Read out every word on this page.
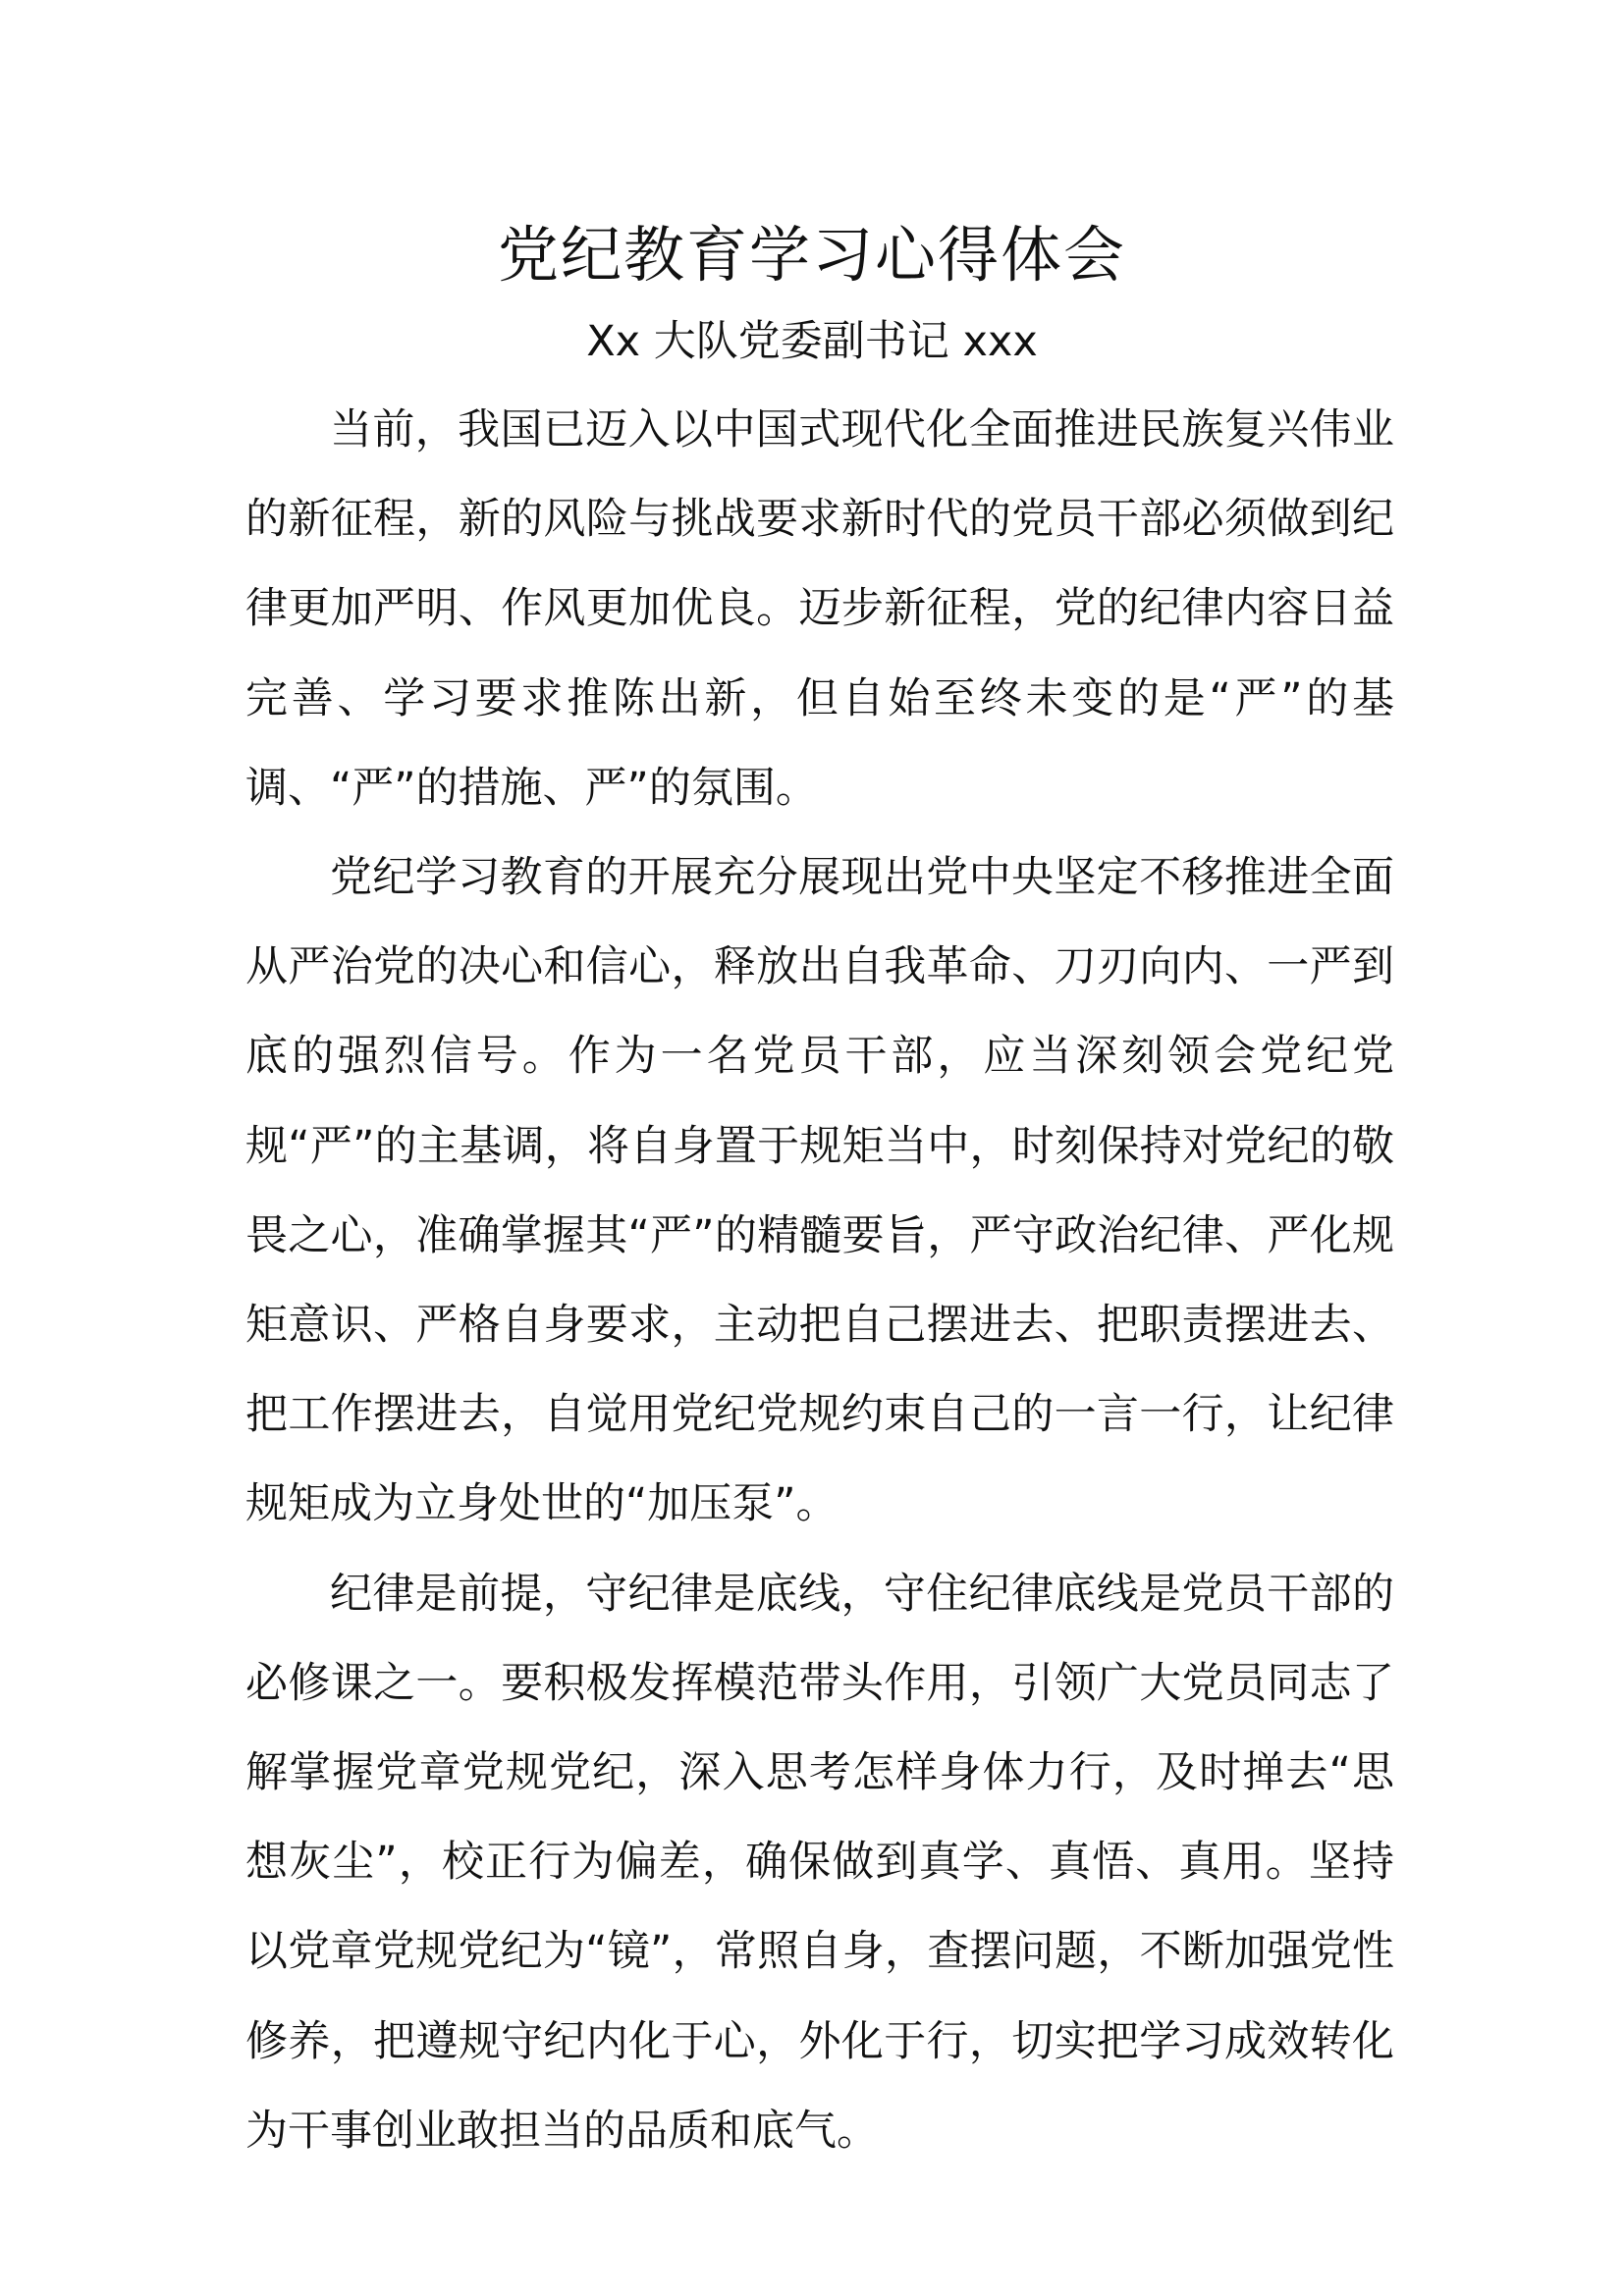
党纪教育学习心得体会
Xx 大队党委副书记 xxx

当前，我国已迈入以中国式现代化全面推进民族复兴伟业的新征程，新的风险与挑战要求新时代的党员干部必须做到纪律更加严明、作风更加优良。迈步新征程，党的纪律内容日益完善、学习要求推陈出新，但自始至终未变的是“严”的基调、“严”的措施、严”的氛围。

党纪学习教育的开展充分展现出党中央坚定不移推进全面从严治党的决心和信心，释放出自我革命、刀刃向内、一严到底的强烈信号。作为一名党员干部，应当深刻领会党纪党规“严”的主基调，将自身置于规矩当中，时刻保持对党纪的敬畏之心，准确掌握其“严”的精髓要旨，严守政治纪律、严化规矩意识、严格自身要求，主动把自己摆进去、把职责摆进去、把工作摆进去，自觉用党纪党规约束自己的一言一行，让纪律规矩成为立身处世的“加压泵”。

纪律是前提，守纪律是底线，守住纪律底线是党员干部的必修课之一。要积极发挥模范带头作用，引领广大党员同志了解掌握党章党规党纪，深入思考怎样身体力行，及时掸去“思想灰尘”，校正行为偏差，确保做到真学、真悟、真用。坚持以党章党规党纪为“镜”，常照自身，查摆问题，不断加强党性修养，把遵规守纪内化于心，外化于行，切实把学习成效转化为干事创业敢担当的品质和底气。
